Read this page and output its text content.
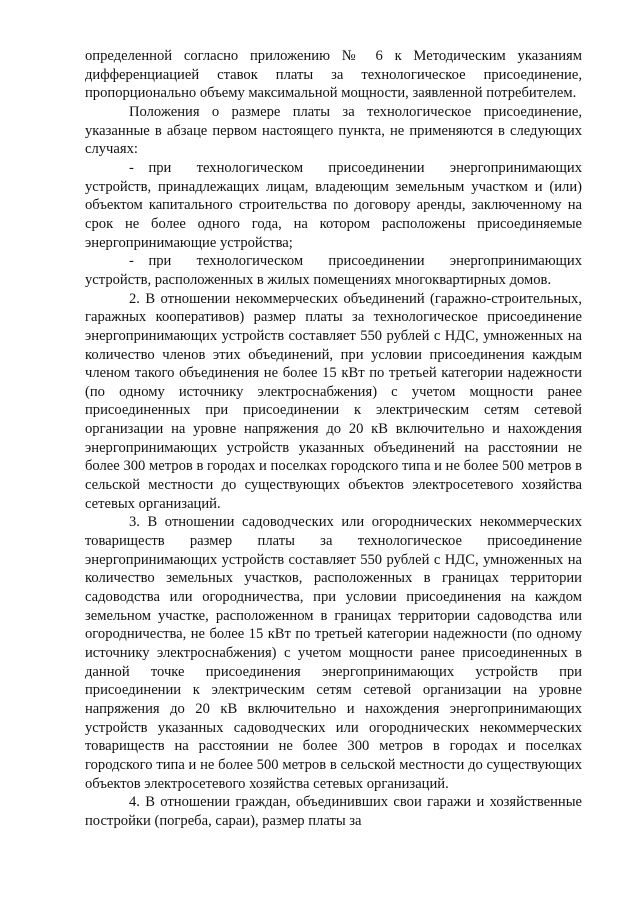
определенной согласно приложению № 6 к Методическим указаниям дифференциацией ставок платы за технологическое присоединение, пропорционально объему максимальной мощности, заявленной потребителем.

Положения о размере платы за технологическое присоединение, указанные в абзаце первом настоящего пункта, не применяются в следующих случаях:

- при технологическом присоединении энергопринимающих устройств, принадлежащих лицам, владеющим земельным участком и (или) объектом капитального строительства по договору аренды, заключенному на срок не более одного года, на котором расположены присоединяемые энергопринимающие устройства;

- при технологическом присоединении энергопринимающих устройств, расположенных в жилых помещениях многоквартирных домов.

2. В отношении некоммерческих объединений (гаражно-строительных, гаражных кооперативов) размер платы за технологическое присоединение энергопринимающих устройств составляет 550 рублей с НДС, умноженных на количество членов этих объединений, при условии присоединения каждым членом такого объединения не более 15 кВт по третьей категории надежности (по одному источнику электроснабжения) с учетом мощности ранее присоединенных при присоединении к электрическим сетям сетевой организации на уровне напряжения до 20 кВ включительно и нахождения энергопринимающих устройств указанных объединений на расстоянии не более 300 метров в городах и поселках городского типа и не более 500 метров в сельской местности до существующих объектов электросетевого хозяйства сетевых организаций.

3. В отношении садоводческих или огороднических некоммерческих товариществ размер платы за технологическое присоединение энергопринимающих устройств составляет 550 рублей с НДС, умноженных на количество земельных участков, расположенных в границах территории садоводства или огородничества, при условии присоединения на каждом земельном участке, расположенном в границах территории садоводства или огородничества, не более 15 кВт по третьей категории надежности (по одному источнику электроснабжения) с учетом мощности ранее присоединенных в данной точке присоединения энергопринимающих устройств при присоединении к электрическим сетям сетевой организации на уровне напряжения до 20 кВ включительно и нахождения энергопринимающих устройств указанных садоводческих или огороднических некоммерческих товариществ на расстоянии не более 300 метров в городах и поселках городского типа и не более 500 метров в сельской местности до существующих объектов электросетевого хозяйства сетевых организаций.

4. В отношении граждан, объединивших свои гаражи и хозяйственные постройки (погреба, сараи), размер платы за
